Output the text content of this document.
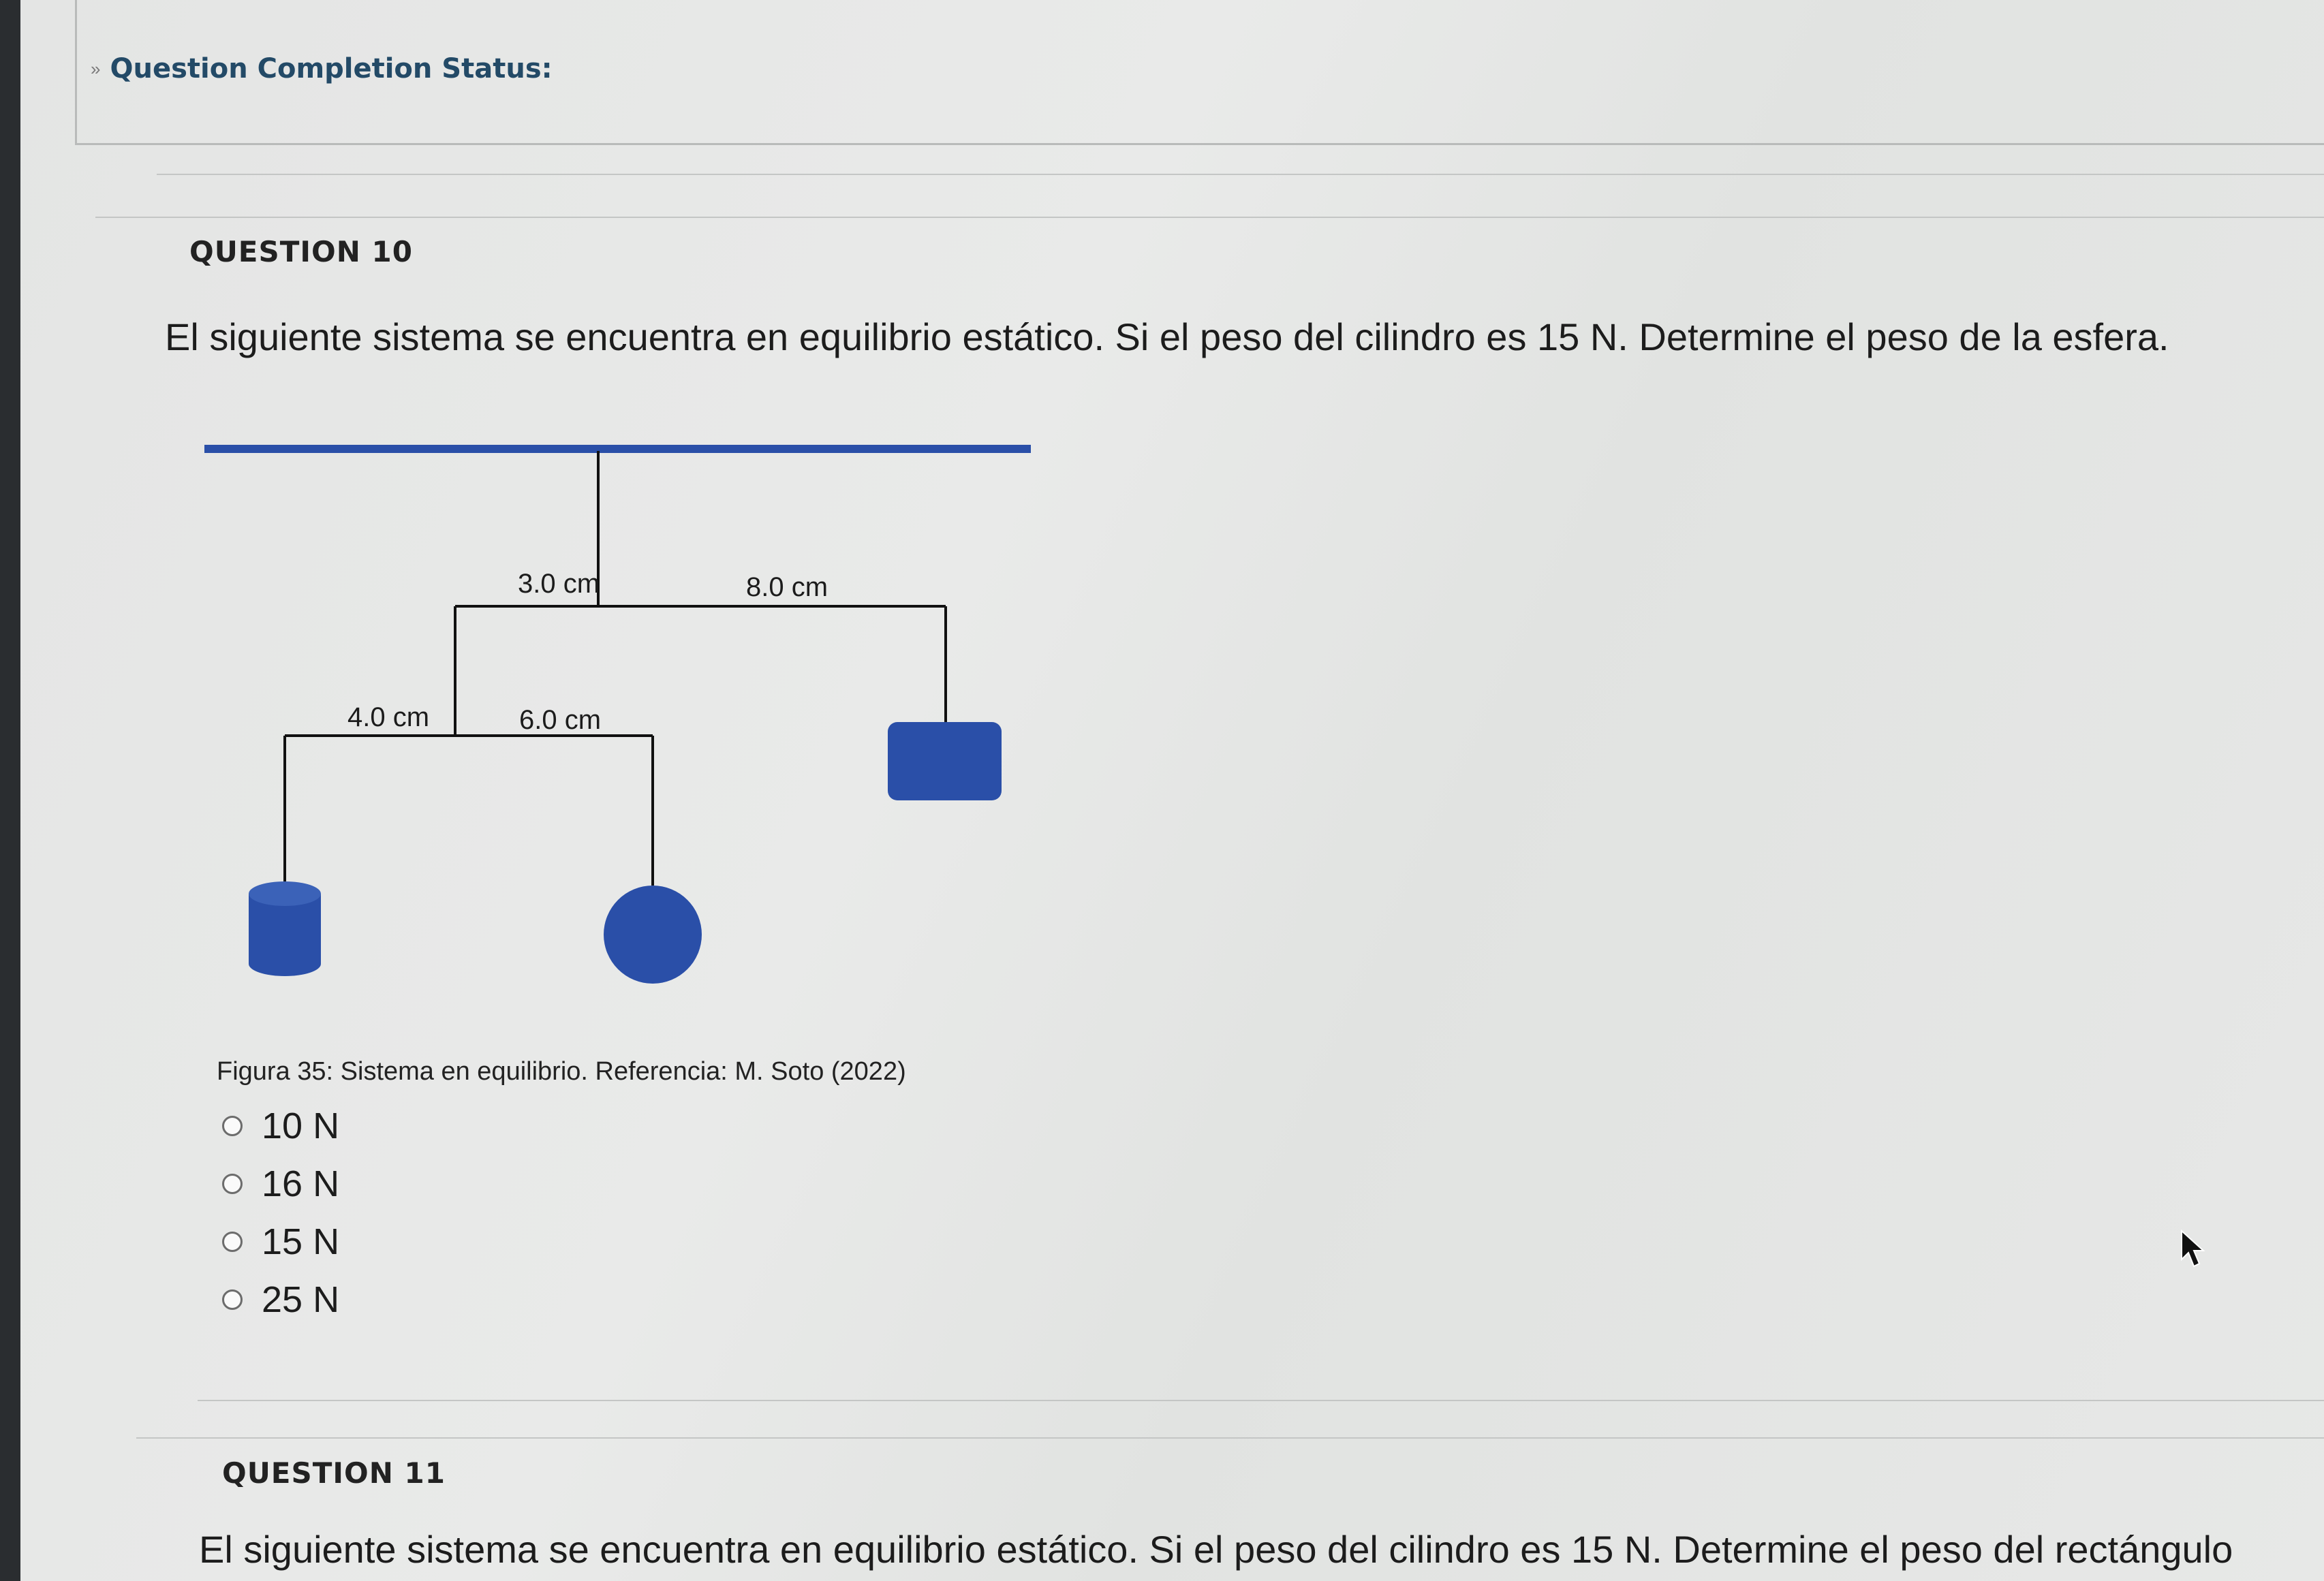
» Question Completion Status:
QUESTION 10
El siguiente sistema se encuentra en equilibrio estático. Si el peso del cilindro es 15 N. Determine el peso de la esfera.
3.0 cm	8.0 cm
4.0 cm	6.0 cm
Figura 35: Sistema en equilibrio. Referencia: M. Soto (2022)
10 N
16 N
15 N
25 N
QUESTION 11
El siguiente sistema se encuentra en equilibrio estático. Si el peso del cilindro es 15 N. Determine el peso del rectángulo
